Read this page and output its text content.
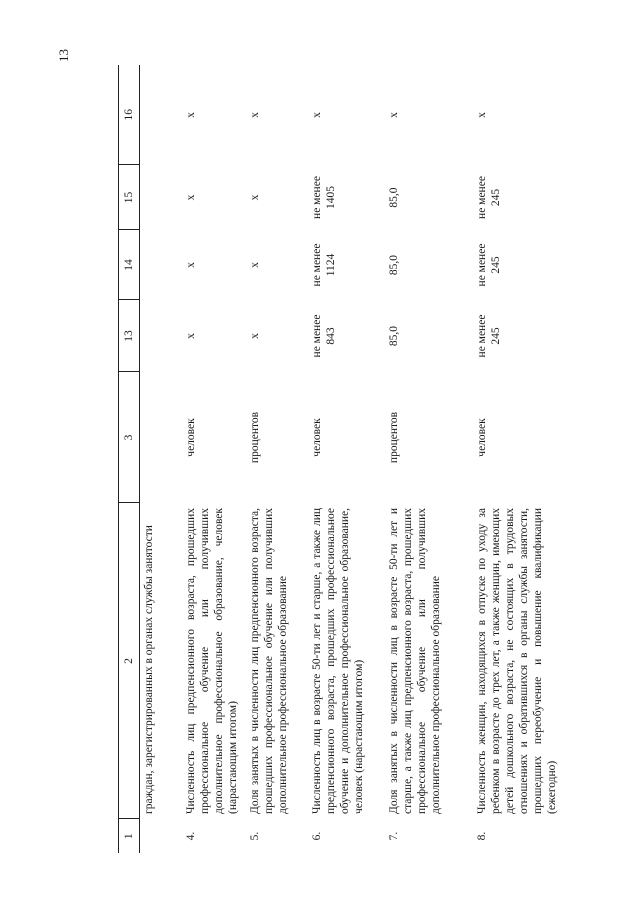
13
1	2	3	13	14	15	16
	граждан, зарегистрированных в органах службы занятости					
4.	Численность лиц предпенсионного возраста, прошедших профессиональное обучение или получивших дополнительное профессиональное образование, человек (нарастающим итогом)	человек	x	x	x	x
5.	Доля занятых в численности лиц предпенсионного возраста, прошедших профессиональное обучение или получивших дополнительное профессиональное образование	процентов	x	x	x	x
6.	Численность лиц в возрасте 50-ти лет и старше, а также лиц предпенсионного возраста, прошедших профессиональное обучение и дополнительное профессиональное образование, человек (нарастающим итогом)	человек	не менее 843	не менее 1124	не менее 1405	x
7.	Доля занятых в численности лиц в возрасте 50-ти лет и старше, а также лиц предпенсионного возраста, прошедших профессиональное обучение или получивших дополнительное профессиональное образование	процентов	85,0	85,0	85,0	x
8.	Численность женщин, находящихся в отпуске по уходу за ребенком в возрасте до трех лет, а также женщин, имеющих детей дошкольного возраста, не состоящих в трудовых отношениях и обратившихся в органы службы занятости, прошедших переобучение и повышение квалификации (ежегодно)	человек	не менее 245	не менее 245	не менее 245	x
